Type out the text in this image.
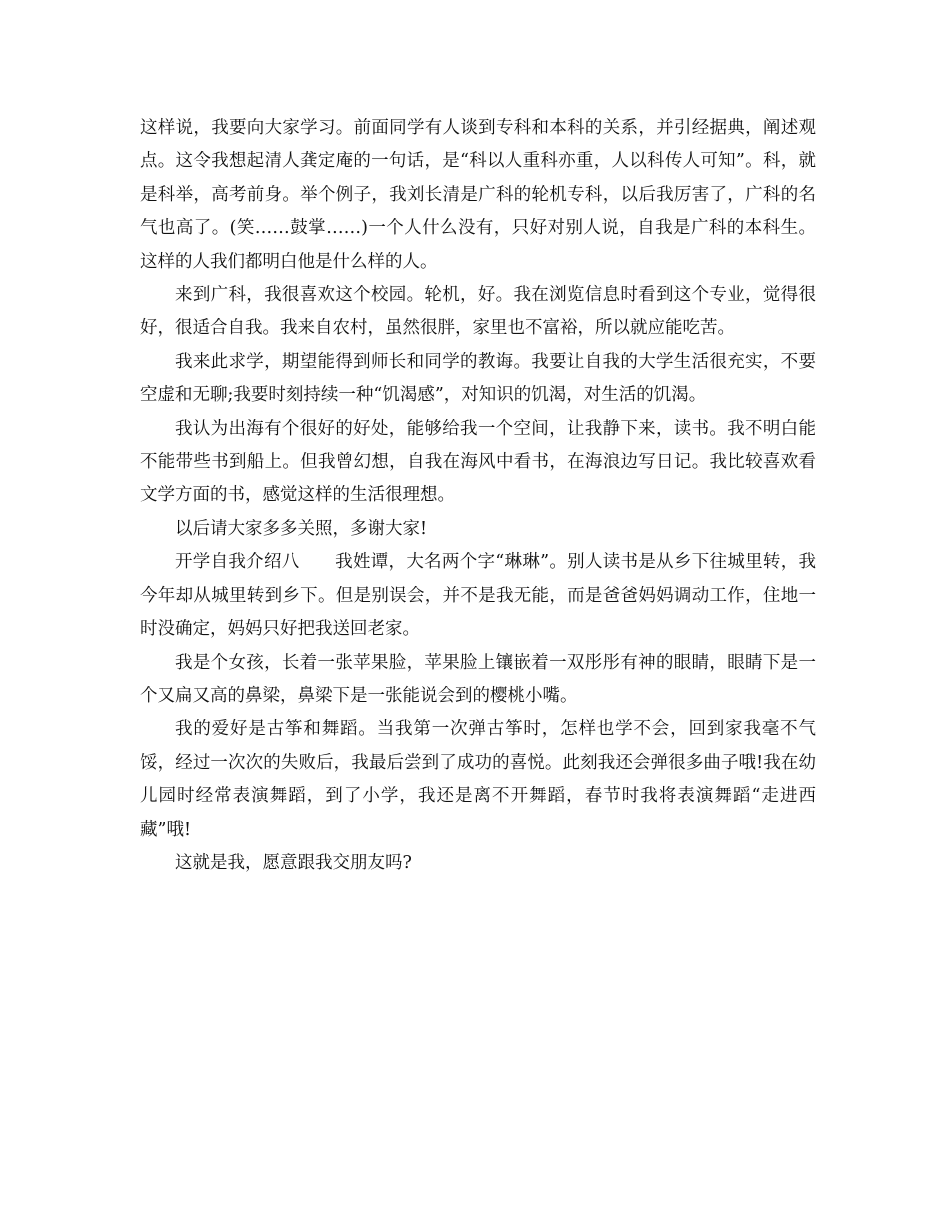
这样说，我要向大家学习。前面同学有人谈到专科和本科的关系，并引经据典，阐述观点。这令我想起清人龚定庵的一句话，是“科以人重科亦重，人以科传人可知”。科，就是科举，高考前身。举个例子，我刘长清是广科的轮机专科，以后我厉害了，广科的名气也高了。(笑……鼓掌……)一个人什么没有，只好对别人说，自我是广科的本科生。这样的人我们都明白他是什么样的人。

来到广科，我很喜欢这个校园。轮机，好。我在浏览信息时看到这个专业，觉得很好，很适合自我。我来自农村，虽然很胖，家里也不富裕，所以就应能吃苦。

我来此求学，期望能得到师长和同学的教诲。我要让自我的大学生活很充实，不要空虚和无聊;我要时刻持续一种“饥渴感”，对知识的饥渴，对生活的饥渴。

我认为出海有个很好的好处，能够给我一个空间，让我静下来，读书。我不明白能不能带些书到船上。但我曾幻想，自我在海风中看书，在海浪边写日记。我比较喜欢看文学方面的书，感觉这样的生活很理想。

以后请大家多多关照，多谢大家!

开学自我介绍八　　我姓谭，大名两个字“琳琳”。别人读书是从乡下往城里转，我今年却从城里转到乡下。但是别误会，并不是我无能，而是爸爸妈妈调动工作，住地一时没确定，妈妈只好把我送回老家。

我是个女孩，长着一张苹果脸，苹果脸上镶嵌着一双彤彤有神的眼睛，眼睛下是一个又扁又高的鼻梁，鼻梁下是一张能说会到的樱桃小嘴。

我的爱好是古筝和舞蹈。当我第一次弹古筝时，怎样也学不会，回到家我毫不气馁，经过一次次的失败后，我最后尝到了成功的喜悦。此刻我还会弹很多曲子哦!我在幼儿园时经常表演舞蹈，到了小学，我还是离不开舞蹈，春节时我将表演舞蹈“走进西藏”哦!

这就是我，愿意跟我交朋友吗?
